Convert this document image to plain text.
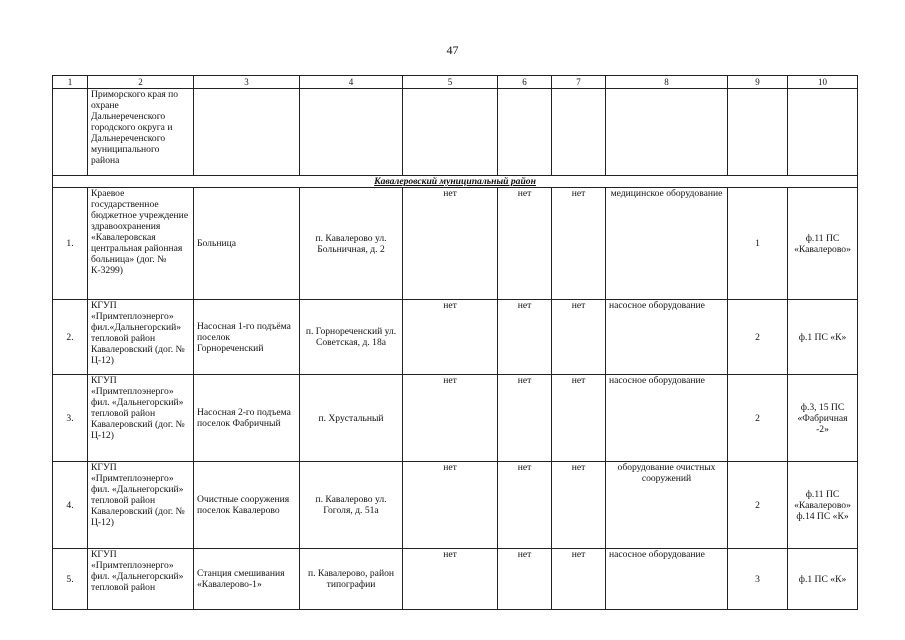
47
1	2	3	4	5	6	7	8	9	10
	Приморского края по охране Дальнереченского городского округа и Дальнереченского муниципального района								
Кавалеровский муниципальный район									
1.	Краевое государственное бюджетное учреждение здравоохранения «Кавалеровская центральная районная больница» (дог. № К-3299)	Больница	п. Кавалерово ул. Больничная, д. 2	нет	нет	нет	медицинское оборудование	1	ф.11 ПС «Кавалерово»
2.	КГУП «Примтеплоэнерго» фил.«Дальнегорский» тепловой район Кавалеровский (дог. № Ц-12)	Насосная 1-го подъёма поселок Горнореченский	п. Горнореченский ул. Советская, д. 18а	нет	нет	нет	насосное оборудование	2	ф.1 ПС «К»
3.	КГУП «Примтеплоэнерго» фил. «Дальнегорский» тепловой район Кавалеровский (дог. № Ц-12)	Насосная 2-го подъема поселок Фабричный	п. Хрустальный	нет	нет	нет	насосное оборудование	2	ф.3, 15 ПС «Фабричная -2»
4.	КГУП «Примтеплоэнерго» фил. «Дальнегорский» тепловой район Кавалеровский (дог. № Ц-12)	Очистные сооружения поселок Кавалерово	п. Кавалерово ул. Гоголя, д. 51а	нет	нет	нет	оборудование очистных сооружений	2	ф.11 ПС «Кавалерово» ф.14 ПС «К»
5.	КГУП «Примтеплоэнерго» фил. «Дальнегорский» тепловой район	Станция смешивания «Кавалерово-1»	п. Кавалерово, район типографии	нет	нет	нет	насосное оборудование	3	ф.1 ПС «К»
